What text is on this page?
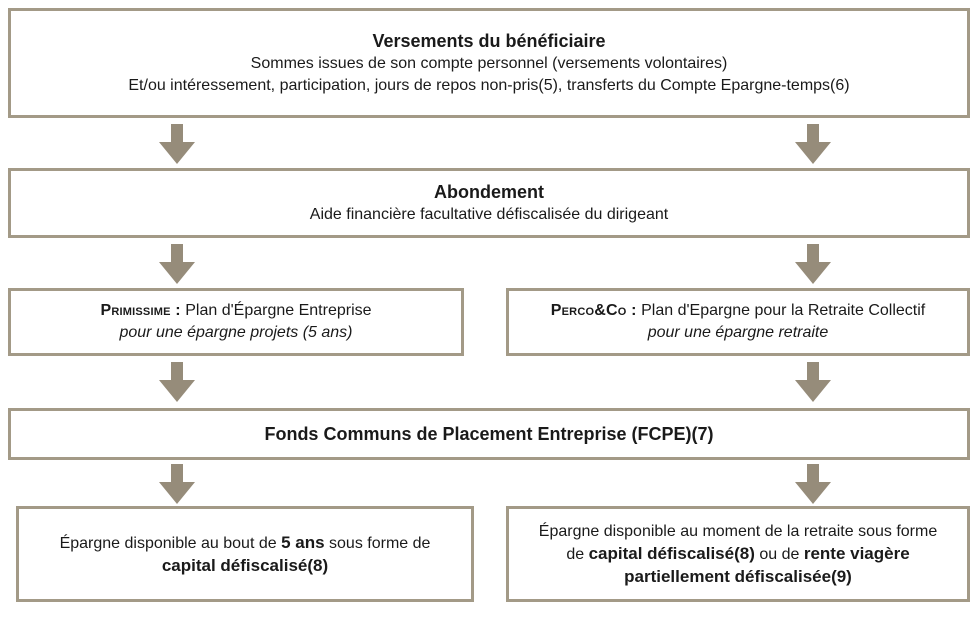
Versements du bénéficiaire
Sommes issues de son compte personnel (versements volontaires)
Et/ou intéressement, participation, jours de repos non-pris(5), transferts du Compte Epargne-temps(6)
Abondement
Aide financière facultative défiscalisée du dirigeant
Primissime : Plan d'Épargne Entreprise
pour une épargne projets (5 ans)
Perco&Co : Plan d'Epargne pour la Retraite Collectif
pour une épargne retraite
Fonds Communs de Placement Entreprise (FCPE)(7)
Épargne disponible au bout de 5 ans sous forme de
capital défiscalisé(8)
Épargne disponible au moment de la retraite sous forme
de capital défiscalisé(8) ou de rente viagère
partiellement défiscalisée(9)
